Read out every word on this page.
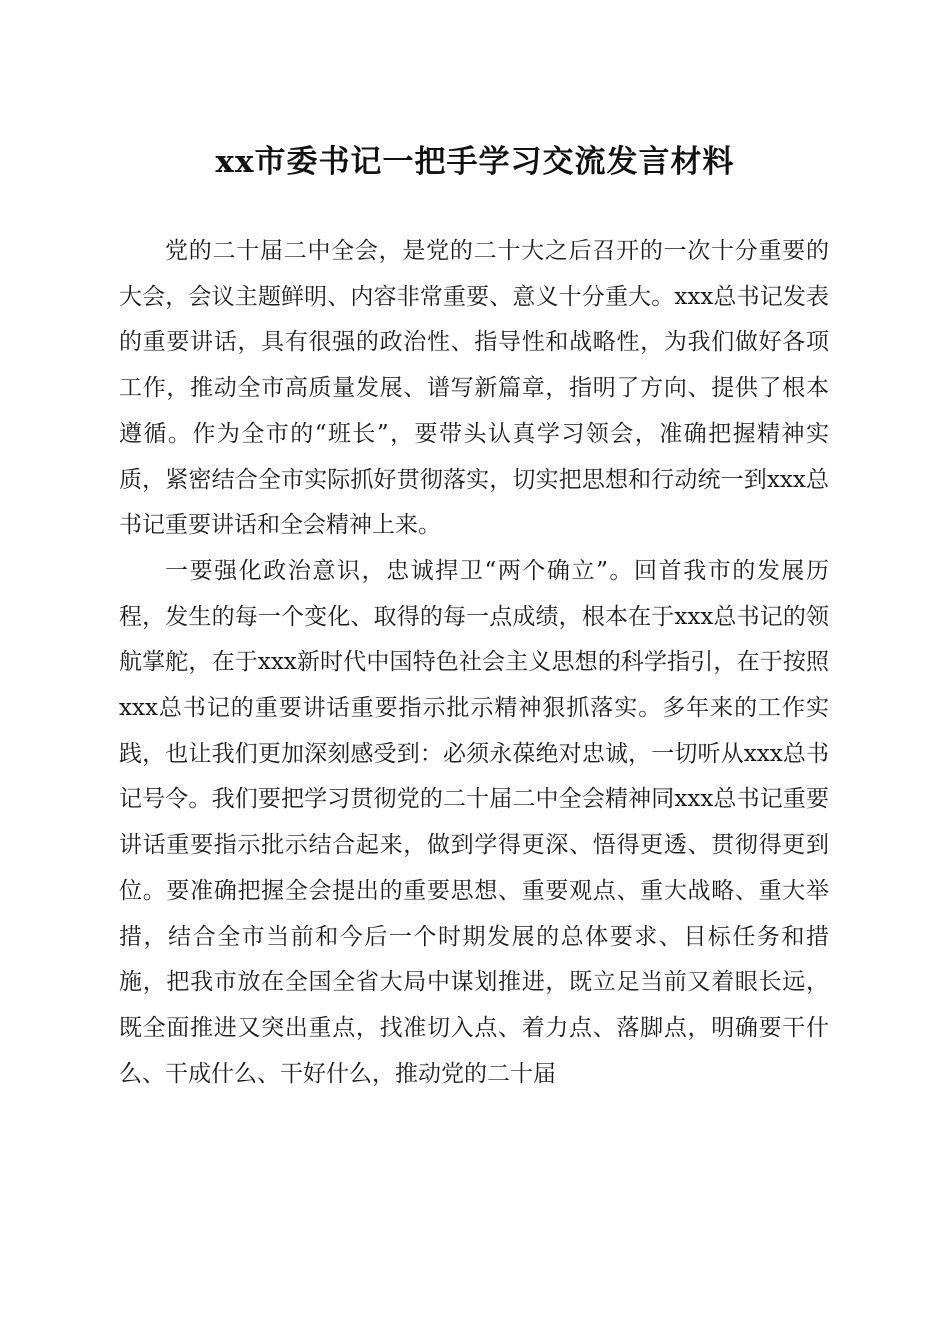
xx市委书记一把手学习交流发言材料

党的二十届二中全会，是党的二十大之后召开的一次十分重要的大会，会议主题鲜明、内容非常重要、意义十分重大。xxx总书记发表的重要讲话，具有很强的政治性、指导性和战略性，为我们做好各项工作，推动全市高质量发展、谱写新篇章，指明了方向、提供了根本遵循。作为全市的“班长”，要带头认真学习领会，准确把握精神实质，紧密结合全市实际抓好贯彻落实，切实把思想和行动统一到xxx总书记重要讲话和全会精神上来。

一要强化政治意识，忠诚捍卫“两个确立”。回首我市的发展历程，发生的每一个变化、取得的每一点成绩，根本在于xxx总书记的领航掌舵，在于xxx新时代中国特色社会主义思想的科学指引，在于按照xxx总书记的重要讲话重要指示批示精神狠抓落实。多年来的工作实践，也让我们更加深刻感受到：必须永葆绝对忠诚，一切听从xxx总书记号令。我们要把学习贯彻党的二十届二中全会精神同xxx总书记重要讲话重要指示批示结合起来，做到学得更深、悟得更透、贯彻得更到位。要准确把握全会提出的重要思想、重要观点、重大战略、重大举措，结合全市当前和今后一个时期发展的总体要求、目标任务和措施，把我市放在全国全省大局中谋划推进，既立足当前又着眼长远，既全面推进又突出重点，找准切入点、着力点、落脚点，明确要干什么、干成什么、干好什么，推动党的二十届
